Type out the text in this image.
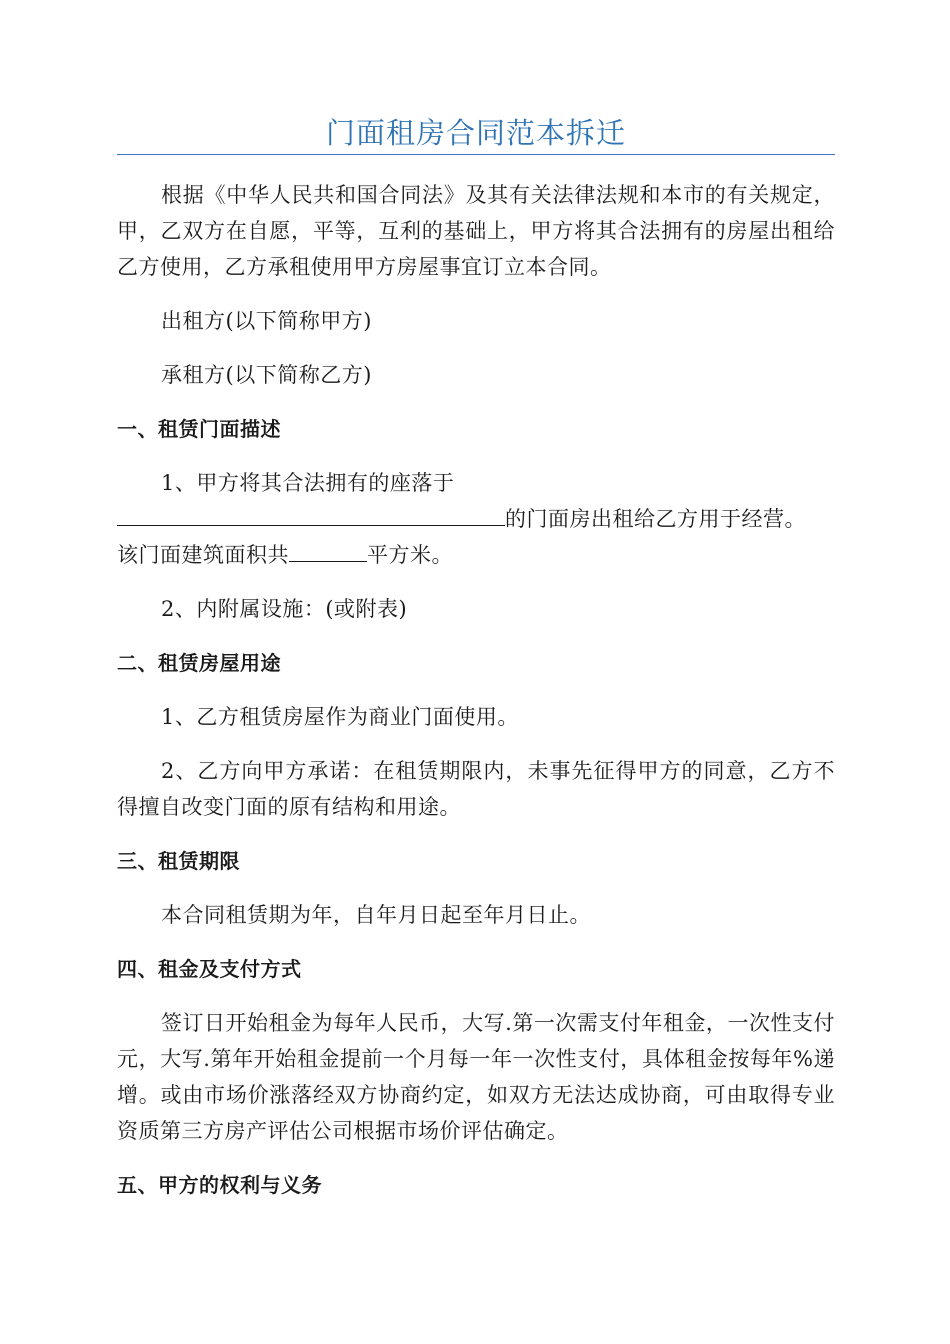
门面租房合同范本拆迁

根据《中华人民共和国合同法》及其有关法律法规和本市的有关规定，甲，乙双方在自愿，平等，互利的基础上，甲方将其合法拥有的房屋出租给乙方使用，乙方承租使用甲方房屋事宜订立本合同。

出租方(以下简称甲方)

承租方(以下简称乙方)

一、租赁门面描述

1、甲方将其合法拥有的座落于

的门面房出租给乙方用于经营。
该门面建筑面积共	平方米。

2、内附属设施：(或附表)

二、租赁房屋用途

1、乙方租赁房屋作为商业门面使用。

2、乙方向甲方承诺：在租赁期限内，未事先征得甲方的同意，乙方不得擅自改变门面的原有结构和用途。

三、租赁期限

本合同租赁期为年，自年月日起至年月日止。

四、租金及支付方式

签订日开始租金为每年人民币，大写.第一次需支付年租金，一次性支付元，大写.第年开始租金提前一个月每一年一次性支付，具体租金按每年%递增。或由市场价涨落经双方协商约定，如双方无法达成协商，可由取得专业资质第三方房产评估公司根据市场价评估确定。

五、甲方的权利与义务
